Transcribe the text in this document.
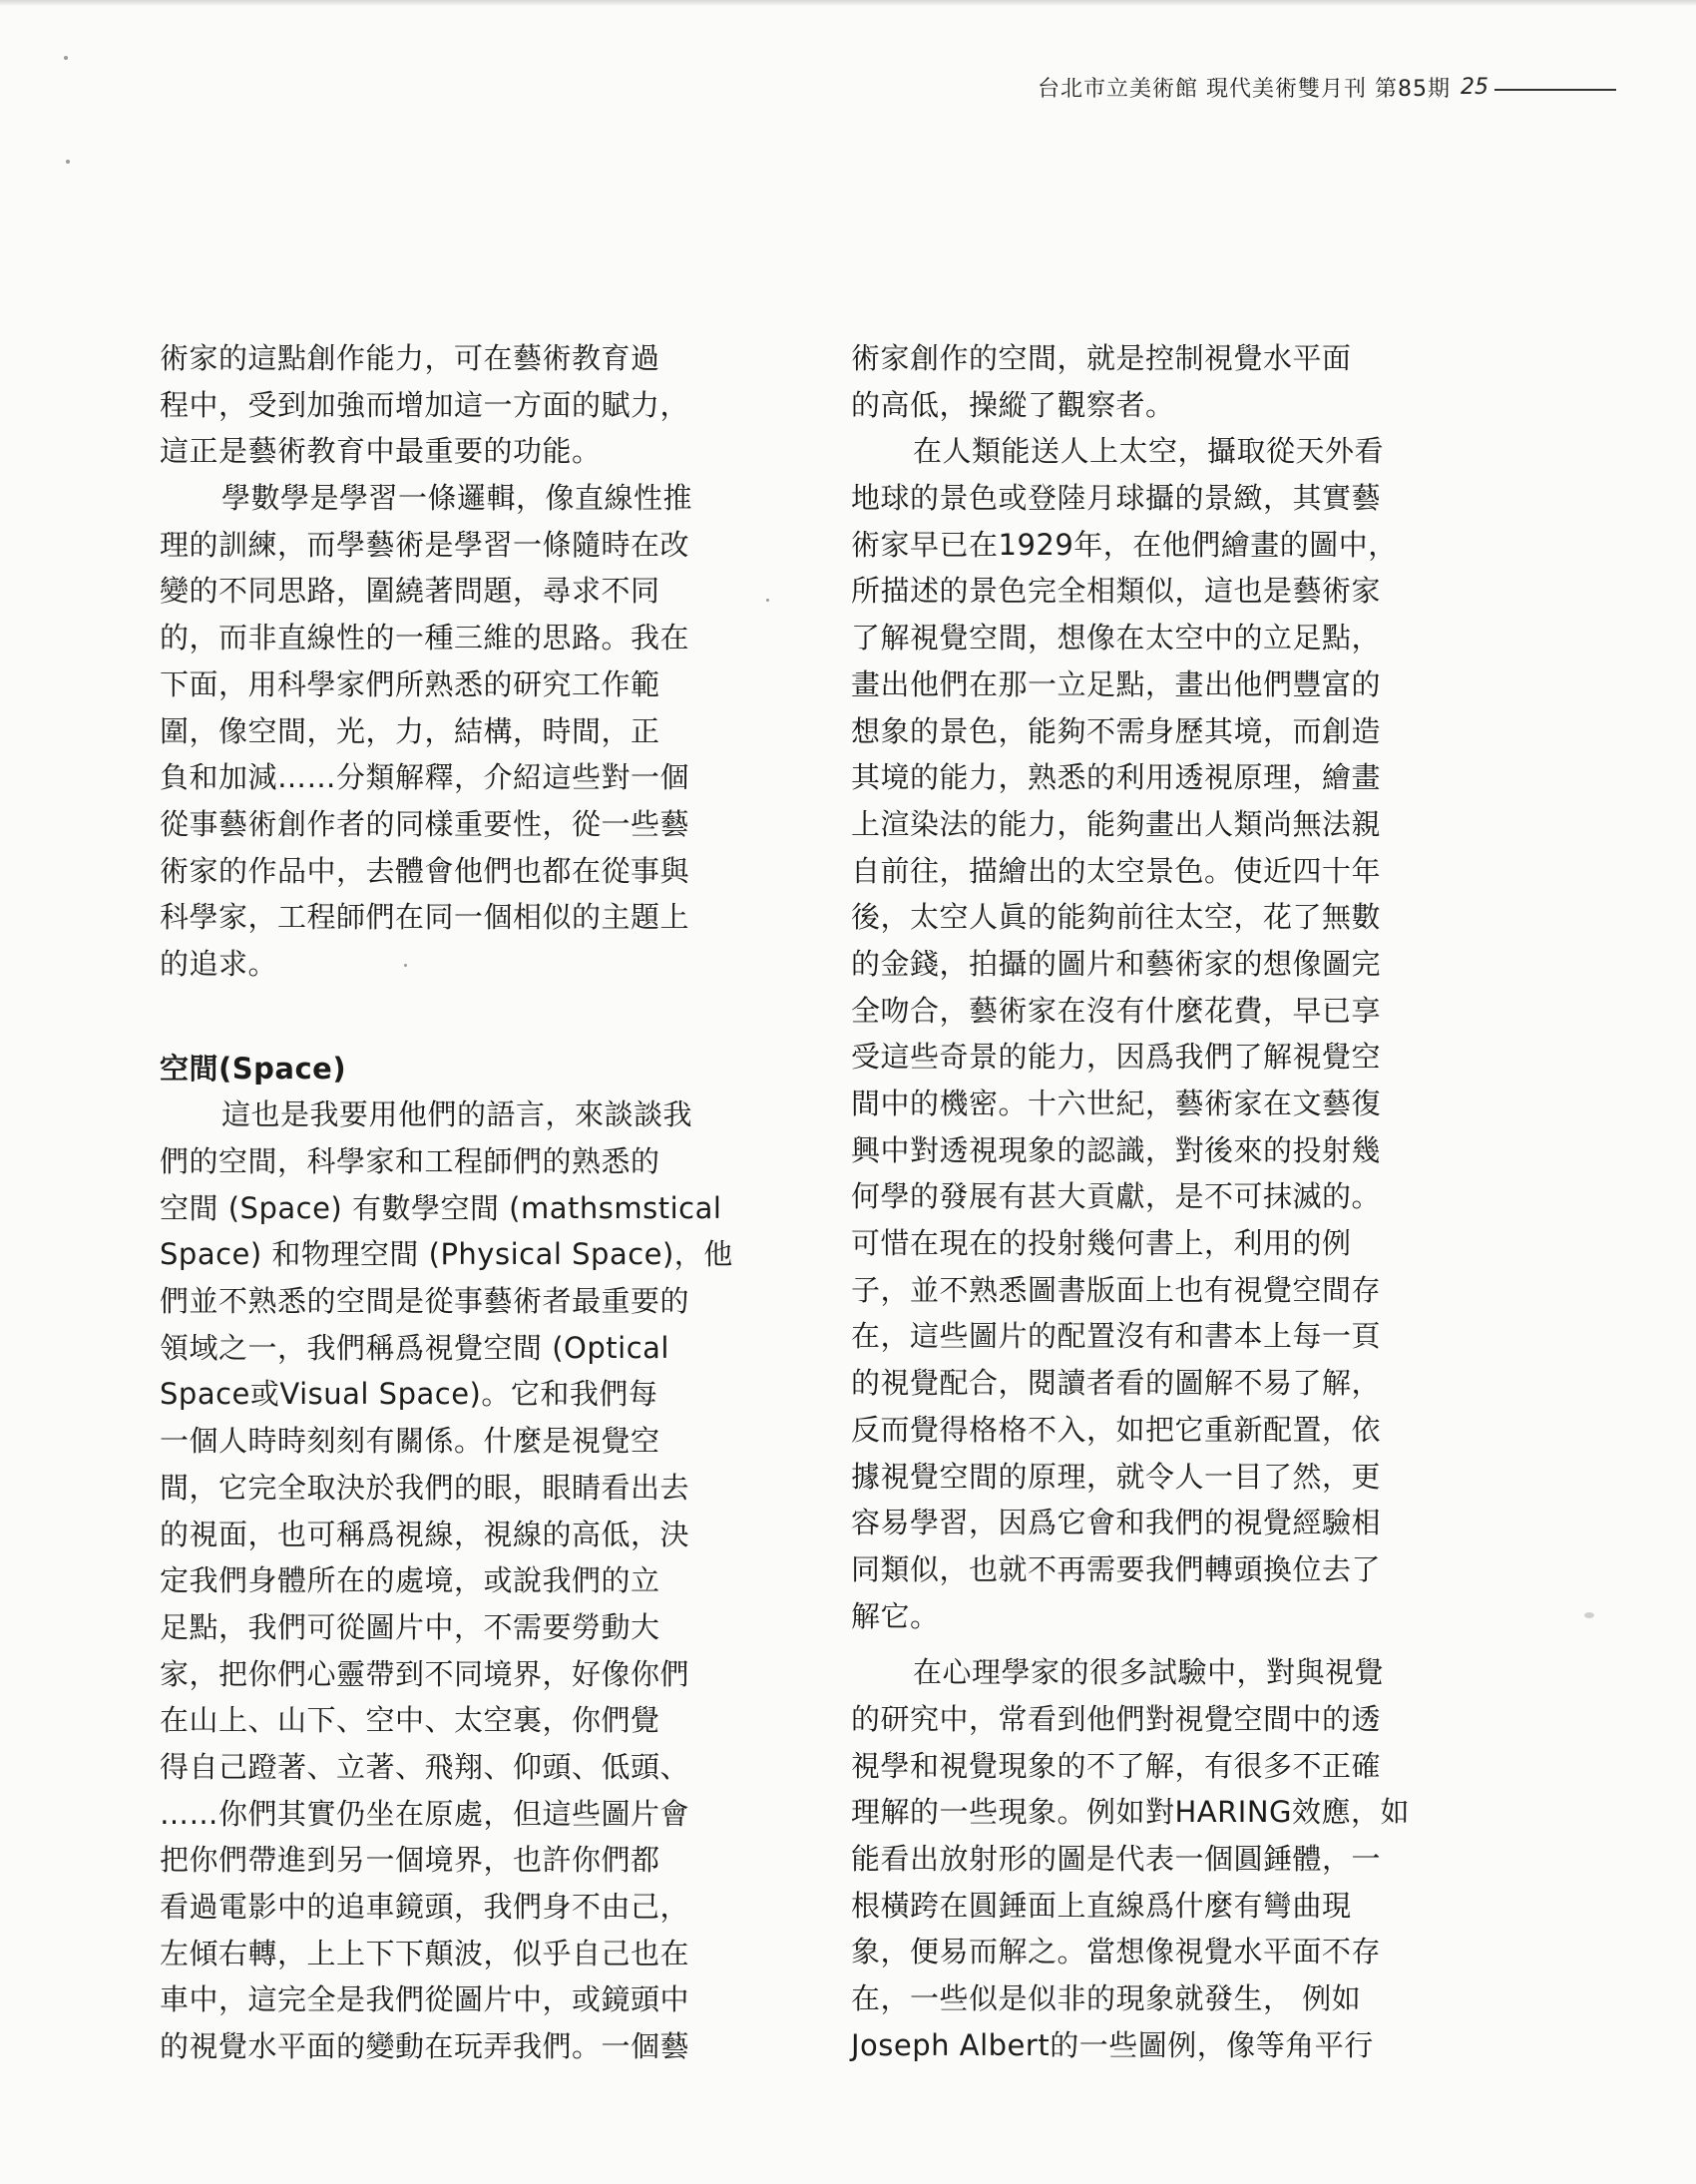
台北市立美術館 現代美術雙月刊 第85期 25
術家的這點創作能力，可在藝術教育過
程中，受到加強而增加這一方面的賦力，
這正是藝術教育中最重要的功能。
學數學是學習一條邏輯，像直線性推
理的訓練，而學藝術是學習一條隨時在改
變的不同思路，圍繞著問題，尋求不同
的，而非直線性的一種三維的思路。我在
下面，用科學家們所熟悉的研究工作範
圍，像空間，光，力，結構，時間，正
負和加減……分類解釋，介紹這些對一個
從事藝術創作者的同樣重要性，從一些藝
術家的作品中，去體會他們也都在從事與
科學家，工程師們在同一個相似的主題上
的追求。
空間(Space)
這也是我要用他們的語言，來談談我
們的空間，科學家和工程師們的熟悉的
空間 (Space) 有數學空間 (mathsmstical
Space) 和物理空間 (Physical Space)，他
們並不熟悉的空間是從事藝術者最重要的
領域之一，我們稱爲視覺空間 (Optical
Space或Visual Space)。它和我們每
一個人時時刻刻有關係。什麼是視覺空
間，它完全取決於我們的眼，眼睛看出去
的視面，也可稱爲視線，視線的高低，決
定我們身體所在的處境，或說我們的立
足點，我們可從圖片中，不需要勞動大
家，把你們心靈帶到不同境界，好像你們
在山上、山下、空中、太空裏，你們覺
得自己蹬著、立著、飛翔、仰頭、低頭、
……你們其實仍坐在原處，但這些圖片會
把你們帶進到另一個境界，也許你們都
看過電影中的追車鏡頭，我們身不由己，
左傾右轉，上上下下顛波，似乎自己也在
車中，這完全是我們從圖片中，或鏡頭中
的視覺水平面的變動在玩弄我們。一個藝
術家創作的空間，就是控制視覺水平面
的高低，操縱了觀察者。
在人類能送人上太空，攝取從天外看
地球的景色或登陸月球攝的景緻，其實藝
術家早已在1929年，在他們繪畫的圖中，
所描述的景色完全相類似，這也是藝術家
了解視覺空間，想像在太空中的立足點，
畫出他們在那一立足點，畫出他們豐富的
想象的景色，能夠不需身歷其境，而創造
其境的能力，熟悉的利用透視原理，繪畫
上渲染法的能力，能夠畫出人類尚無法親
自前往，描繪出的太空景色。使近四十年
後，太空人眞的能夠前往太空，花了無數
的金錢，拍攝的圖片和藝術家的想像圖完
全吻合，藝術家在沒有什麼花費，早已享
受這些奇景的能力，因爲我們了解視覺空
間中的機密。十六世紀，藝術家在文藝復
興中對透視現象的認識，對後來的投射幾
何學的發展有甚大貢獻，是不可抹滅的。
可惜在現在的投射幾何書上，利用的例
子，並不熟悉圖書版面上也有視覺空間存
在，這些圖片的配置沒有和書本上每一頁
的視覺配合，閱讀者看的圖解不易了解，
反而覺得格格不入，如把它重新配置，依
據視覺空間的原理，就令人一目了然，更
容易學習，因爲它會和我們的視覺經驗相
同類似，也就不再需要我們轉頭換位去了
解它。
在心理學家的很多試驗中，對與視覺
的研究中，常看到他們對視覺空間中的透
視學和視覺現象的不了解，有很多不正確
理解的一些現象。例如對HARING效應，如
能看出放射形的圖是代表一個圓錘體，一
根橫跨在圓錘面上直線爲什麼有彎曲現
象，便易而解之。當想像視覺水平面不存
在，一些似是似非的現象就發生， 例如
Joseph Albert的一些圖例，像等角平行
